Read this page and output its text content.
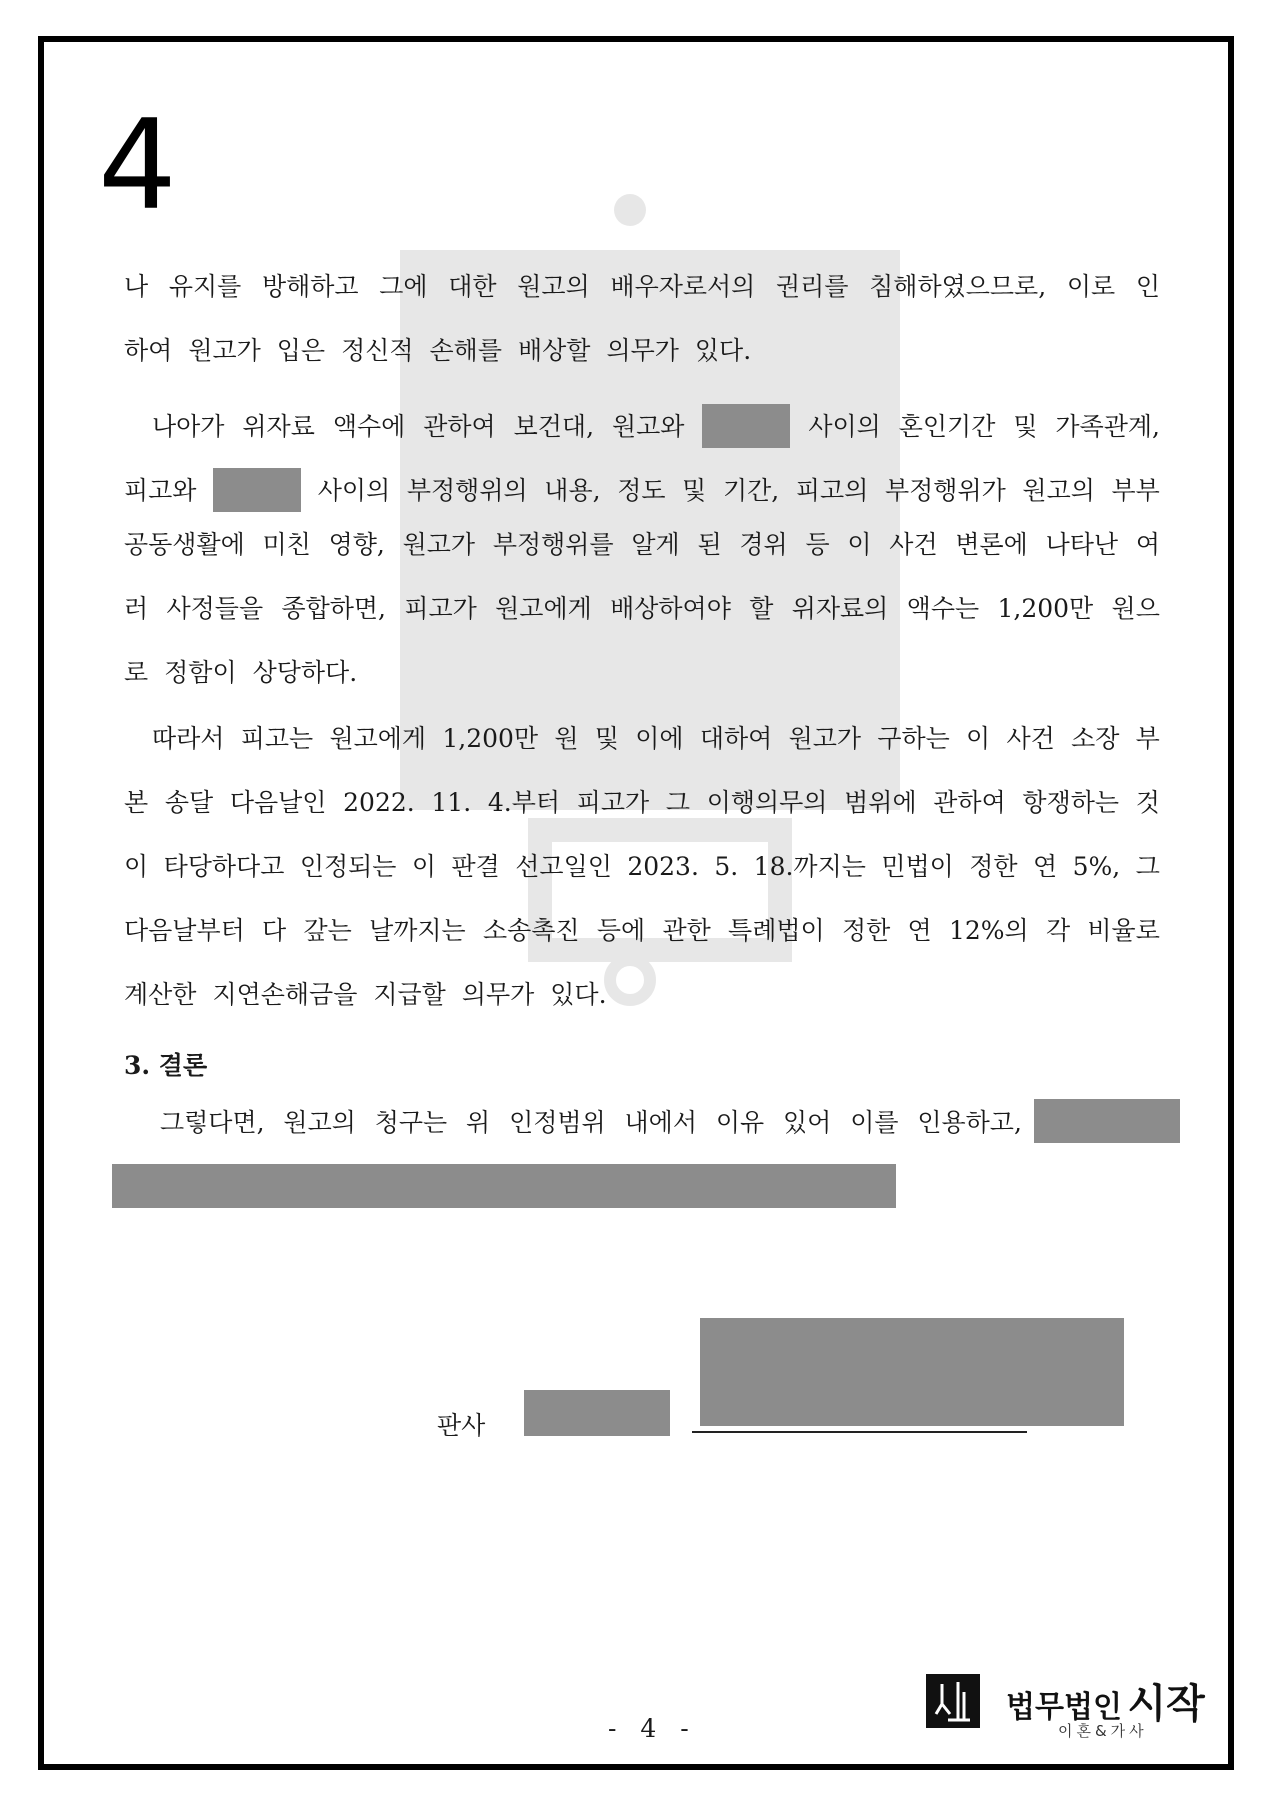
4
나 유지를 방해하고 그에 대한 원고의 배우자로서의 권리를 침해하였으므로, 이로 인
하여 원고가 입은 정신적 손해를 배상할 의무가 있다.
나아가 위자료 액수에 관하여 보건대, 원고와	사이의 혼인기간 및 가족관계,
피고와	사이의 부정행위의 내용, 정도 및 기간, 피고의 부정행위가 원고의 부부
공동생활에 미친 영향, 원고가 부정행위를 알게 된 경위 등 이 사건 변론에 나타난 여
러 사정들을 종합하면, 피고가 원고에게 배상하여야 할 위자료의 액수는 1,200만 원으
로 정함이 상당하다.
따라서 피고는 원고에게 1,200만 원 및 이에 대하여 원고가 구하는 이 사건 소장 부
본 송달 다음날인 2022. 11. 4.부터 피고가 그 이행의무의 범위에 관하여 항쟁하는 것
이 타당하다고 인정되는 이 판결 선고일인 2023. 5. 18.까지는 민법이 정한 연 5%, 그
다음날부터 다 갚는 날까지는 소송촉진 등에 관한 특례법이 정한 연 12%의 각 비율로
계산한 지연손해금을 지급할 의무가 있다.
3. 결론
그렇다면, 원고의 청구는 위 인정범위 내에서 이유 있어 이를 인용하고,
판사
- 4 -
법무법인 시작
이혼&가사
